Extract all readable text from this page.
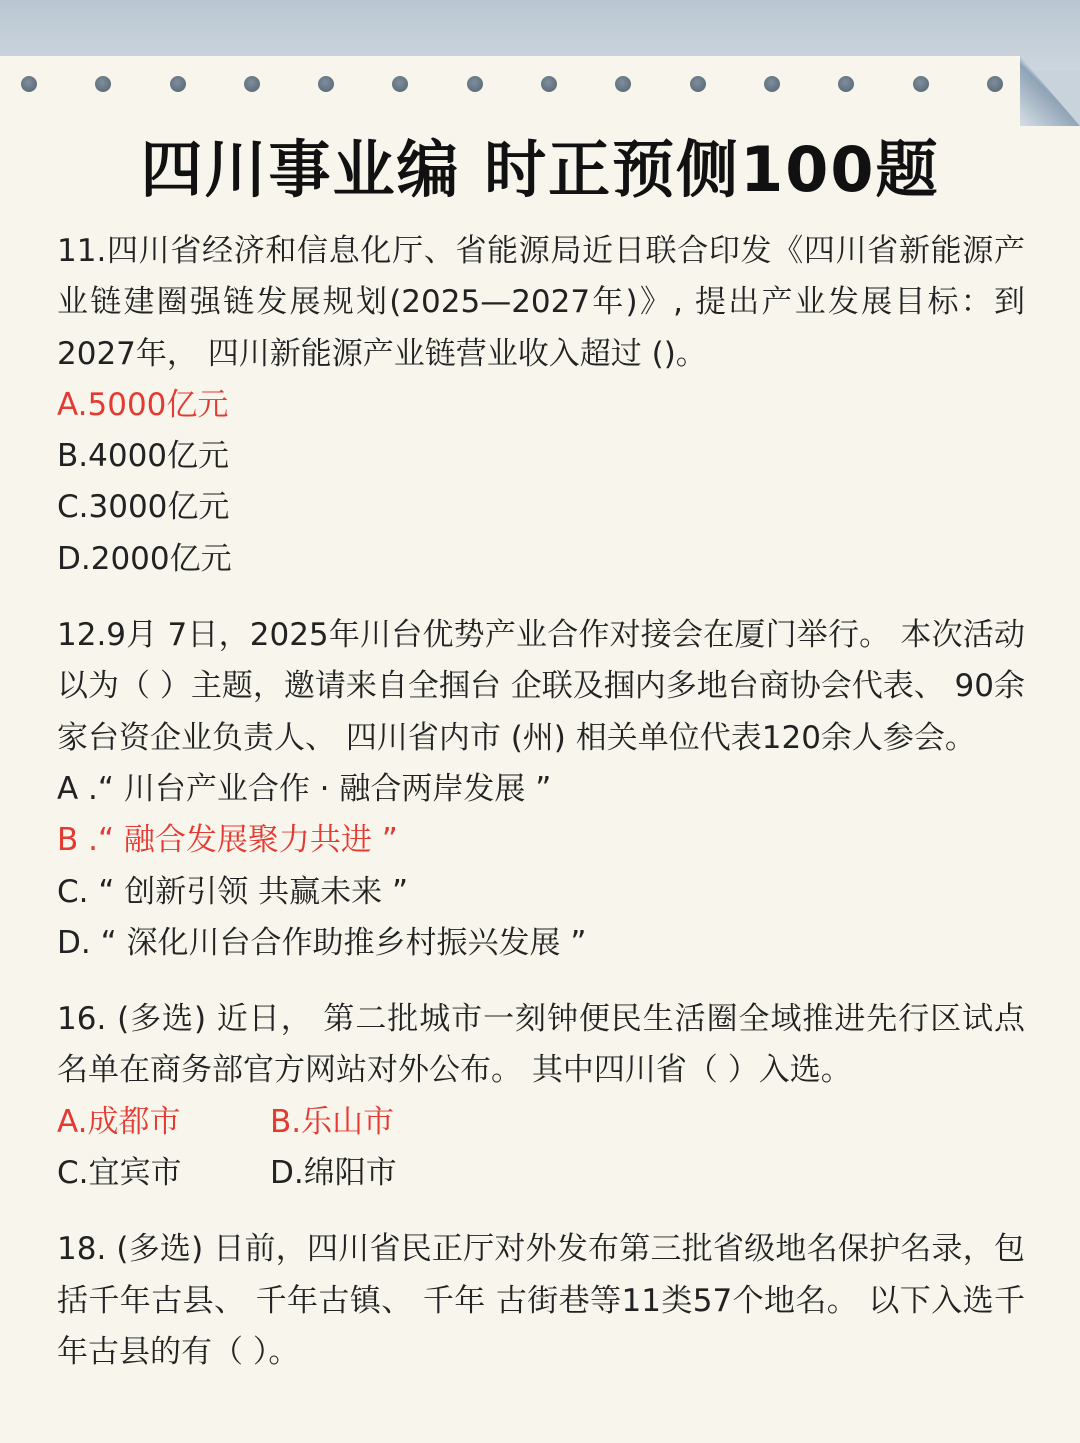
四川事业编 时正预侧100题

11.四川省经济和信息化厅、省能源局近日联合印发《四川省新能源产业链建圈强链发展规划(2025—2027年)》, 提出产业发展目标：到2027年， 四川新能源产业链营业收入超过 ()。

A.5000亿元

B.4000亿元

C.3000亿元

D.2000亿元

12.9月 7日，2025年川台优势产业合作对接会在厦门举行。 本次活动以为（ ）主题，邀请来自全掴台 企联及掴内多地台商协会代表、 90余家台资企业负责人、 四川省内市 (州) 相关单位代表120余人参会。

A .“ 川台产业合作 · 融合两岸发展 ”

B .“ 融合发展聚力共进 ”

C. “ 创新引领 共赢未来 ”

D. “ 深化川台合作助推乡村振兴发展 ”

16. (多选) 近日， 第二批城市一刻钟便民生活圈全域推进先行区试点名单在商务部官方网站对外公布。 其中四川省（ ）入选。

A.成都市	B.乐山市

C.宜宾市	D.绵阳市

18. (多选) 日前，四川省民正厅对外发布第三批省级地名保护名录，包括千年古县、 千年古镇、 千年 古街巷等11类57个地名。 以下入选千年古县的有（ ）。
